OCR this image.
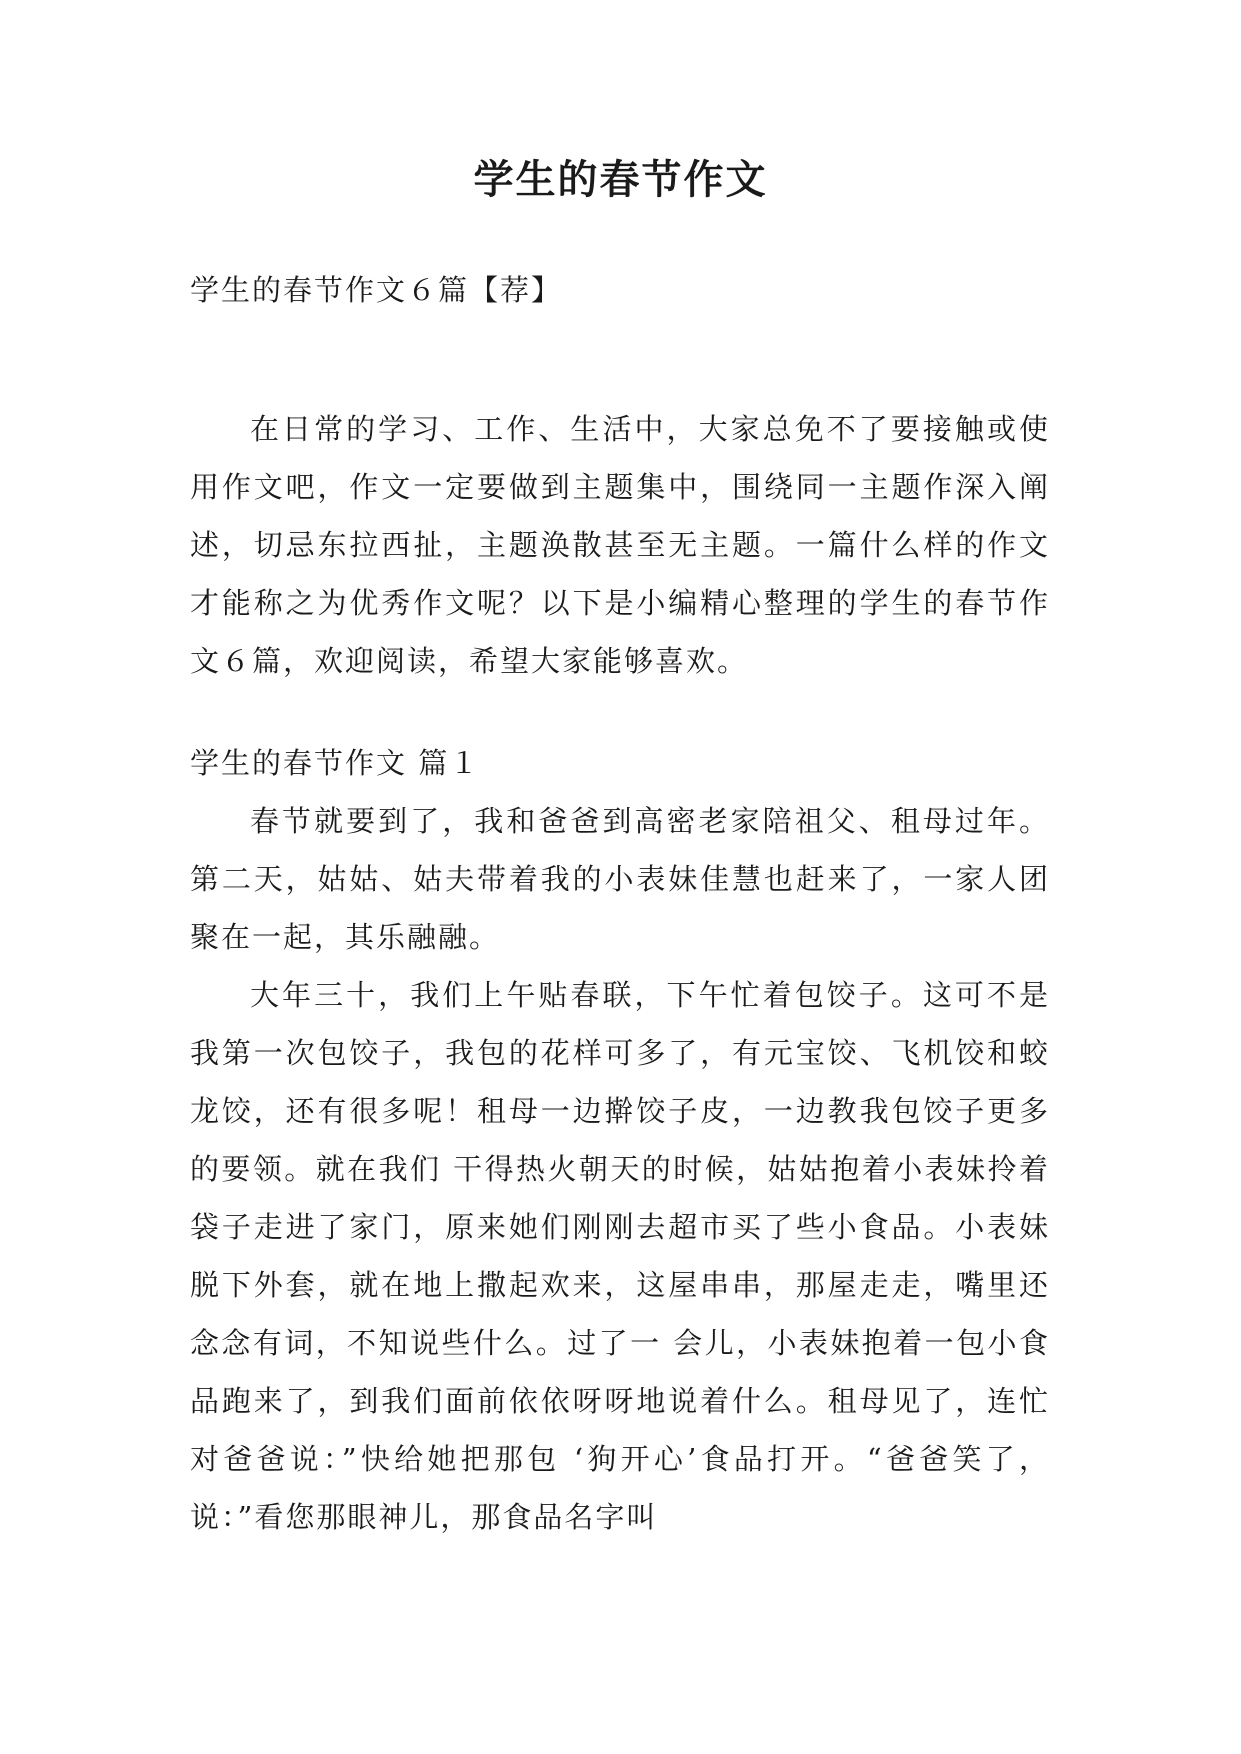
学生的春节作文

学生的春节作文６篇【荐】

在日常的学习、工作、生活中，大家总免不了要接触或使用作文吧，作文一定要做到主题集中，围绕同一主题作深入阐述，切忌东拉西扯，主题涣散甚至无主题。一篇什么样的作文才能称之为优秀作文呢？以下是小编精心整理的学生的春节作文６篇，欢迎阅读，希望大家能够喜欢。

学生的春节作文 篇１

春节就要到了，我和爸爸到高密老家陪祖父、租母过年。第二天，姑姑、姑夫带着我的小表妹佳慧也赶来了，一家人团聚在一起，其乐融融。

大年三十，我们上午贴春联，下午忙着包饺子。这可不是我第一次包饺子，我包的花样可多了，有元宝饺、飞机饺和蛟龙饺，还有很多呢！租母一边擀饺子皮，一边教我包饺子更多的要领。就在我们 干得热火朝天的时候，姑姑抱着小表妹拎着袋子走进了家门，原来她们刚刚去超市买了些小食品。小表妹脱下外套，就在地上撒起欢来，这屋串串，那屋走走，嘴里还念念有词，不知说些什么。过了一 会儿，小表妹抱着一包小食品跑来了，到我们面前依依呀呀地说着什么。租母见了，连忙对爸爸说：”快给她把那包 ‘狗开心’食品打开。“爸爸笑了，说：”看您那眼神儿，那食品名字叫
